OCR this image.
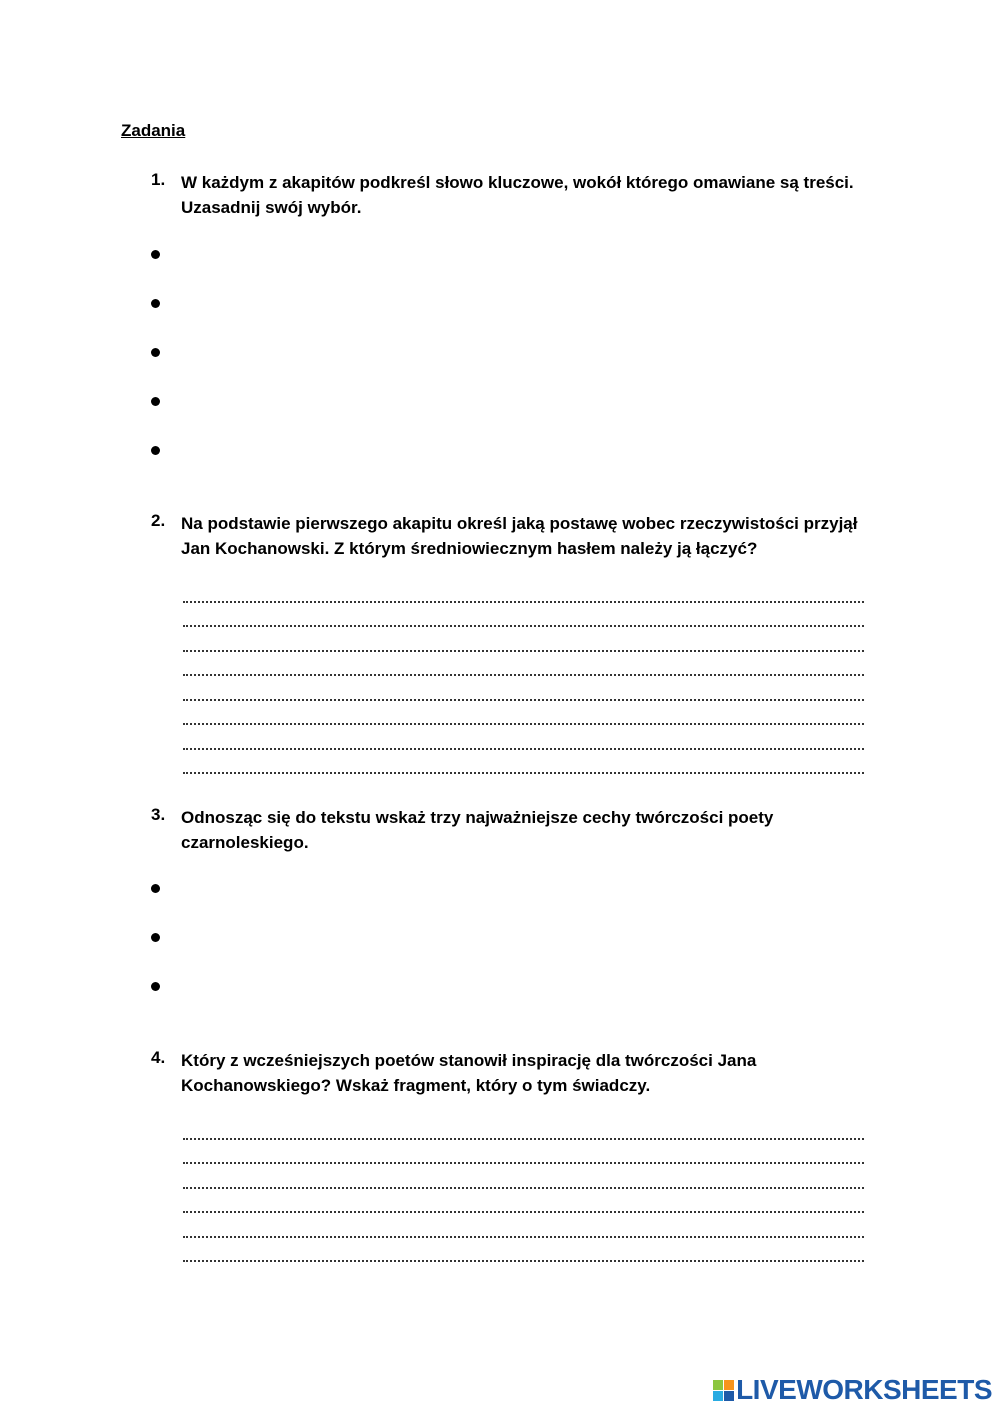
Zadania
1. W każdym z akapitów podkreśl słowo kluczowe, wokół którego omawiane są treści. Uzasadnij swój wybór.
2. Na podstawie pierwszego akapitu określ jaką postawę wobec rzeczywistości przyjął Jan Kochanowski. Z którym średniowiecznym hasłem należy ją łączyć?
3. Odnosząc się do tekstu wskaż trzy najważniejsze cechy twórczości poety czarnoleskiego.
4. Który z wcześniejszych poetów stanowił inspirację dla twórczości Jana Kochanowskiego? Wskaż fragment, który o tym świadczy.
LIVEWORKSHEETS
